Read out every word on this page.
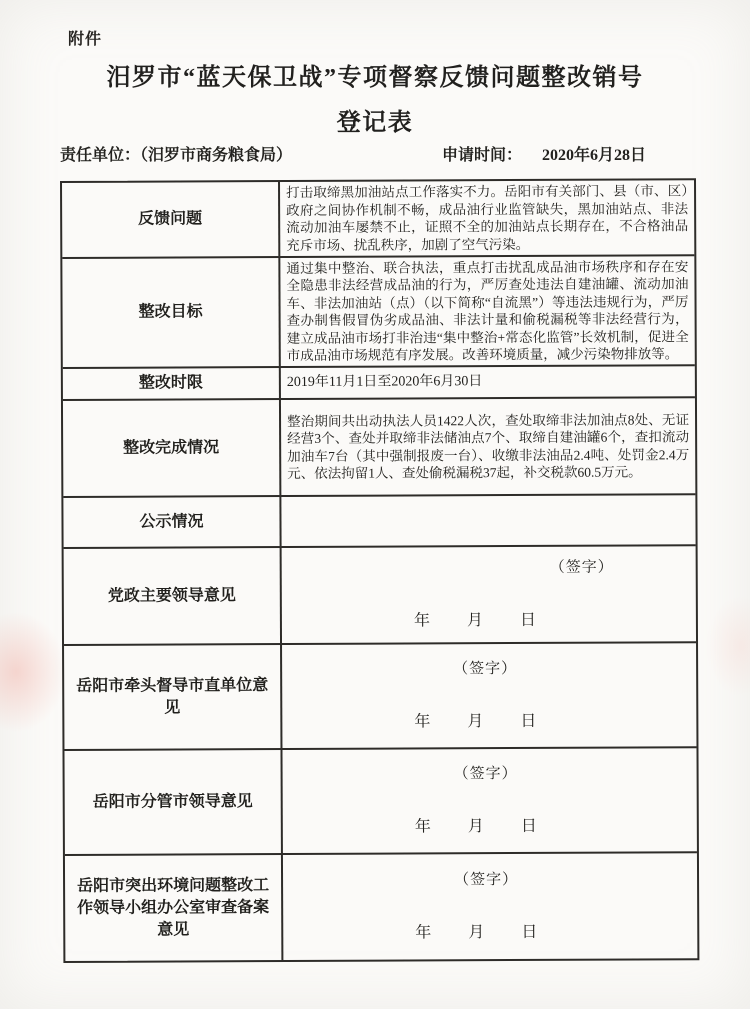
附件
汨罗市“蓝天保卫战”专项督察反馈问题整改销号
登记表
责任单位：（汨罗市商务粮食局）	申请时间： 2020年6月28日
反馈问题
打击取缔黑加油站点工作落实不力。岳阳市有关部门、县（市、区）政府之间协作机制不畅，成品油行业监管缺失，黑加油站点、非法流动加油车屡禁不止，证照不全的加油站点长期存在，不合格油品充斥市场、扰乱秩序，加剧了空气污染。
整改目标
通过集中整治、联合执法，重点打击扰乱成品油市场秩序和存在安全隐患非法经营成品油的行为，严厉查处违法自建油罐、流动加油车、非法加油站（点）（以下简称“自流黑”）等违法违规行为，严厉查办制售假冒伪劣成品油、非法计量和偷税漏税等非法经营行为，建立成品油市场打非治违“集中整治+常态化监管”长效机制，促进全市成品油市场规范有序发展。改善环境质量，减少污染物排放等。
整改时限	2019年11月1日至2020年6月30日
整改完成情况
整治期间共出动执法人员1422人次，查处取缔非法加油点8处、无证经营3个、查处并取缔非法储油点7个、取缔自建油罐6个，查扣流动加油车7台（其中强制报废一台）、收缴非法油品2.4吨、处罚金2.4万元、依法拘留1人、查处偷税漏税37起，补交税款60.5万元。
公示情况
党政主要领导意见
（签字）
年 月 日
岳阳市牵头督导市直单位意见
（签字）
年 月 日
岳阳市分管市领导意见
（签字）
年 月 日
岳阳市突出环境问题整改工作领导小组办公室审查备案意见
（签字）
年 月 日
